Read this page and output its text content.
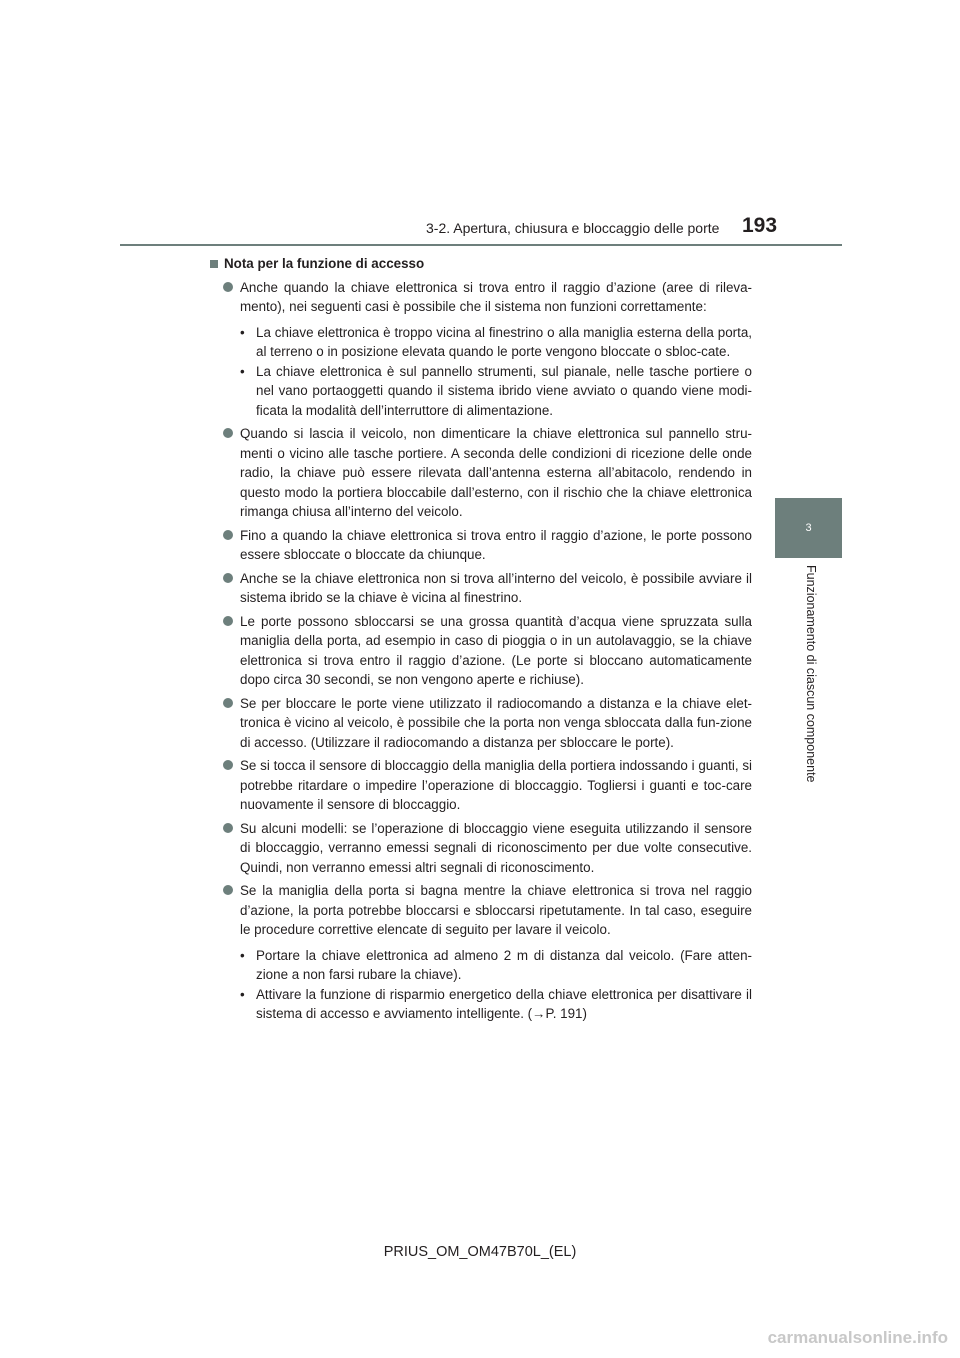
3-2. Apertura, chiusura e bloccaggio delle porte 193
3
Funzionamento di ciascun componente
Nota per la funzione di accesso
Anche quando la chiave elettronica si trova entro il raggio d’azione (aree di rileva-mento), nei seguenti casi è possibile che il sistema non funzioni correttamente:
• La chiave elettronica è troppo vicina al finestrino o alla maniglia esterna della porta, al terreno o in posizione elevata quando le porte vengono bloccate o sbloc-cate.
• La chiave elettronica è sul pannello strumenti, sul pianale, nelle tasche portiere o nel vano portaoggetti quando il sistema ibrido viene avviato o quando viene modi-ficata la modalità dell’interruttore di alimentazione.
Quando si lascia il veicolo, non dimenticare la chiave elettronica sul pannello stru-menti o vicino alle tasche portiere. A seconda delle condizioni di ricezione delle onde radio, la chiave può essere rilevata dall’antenna esterna all’abitacolo, rendendo in questo modo la portiera bloccabile dall’esterno, con il rischio che la chiave elettronica rimanga chiusa all’interno del veicolo.
Fino a quando la chiave elettronica si trova entro il raggio d’azione, le porte possono essere sbloccate o bloccate da chiunque.
Anche se la chiave elettronica non si trova all’interno del veicolo, è possibile avviare il sistema ibrido se la chiave è vicina al finestrino.
Le porte possono sbloccarsi se una grossa quantità d’acqua viene spruzzata sulla maniglia della porta, ad esempio in caso di pioggia o in un autolavaggio, se la chiave elettronica si trova entro il raggio d’azione. (Le porte si bloccano automaticamente dopo circa 30 secondi, se non vengono aperte e richiuse).
Se per bloccare le porte viene utilizzato il radiocomando a distanza e la chiave elet-tronica è vicino al veicolo, è possibile che la porta non venga sbloccata dalla fun-zione di accesso. (Utilizzare il radiocomando a distanza per sbloccare le porte).
Se si tocca il sensore di bloccaggio della maniglia della portiera indossando i guanti, si potrebbe ritardare o impedire l’operazione di bloccaggio. Togliersi i guanti e toc-care nuovamente il sensore di bloccaggio.
Su alcuni modelli: se l’operazione di bloccaggio viene eseguita utilizzando il sensore di bloccaggio, verranno emessi segnali di riconoscimento per due volte consecutive. Quindi, non verranno emessi altri segnali di riconoscimento.
Se la maniglia della porta si bagna mentre la chiave elettronica si trova nel raggio d’azione, la porta potrebbe bloccarsi e sbloccarsi ripetutamente. In tal caso, eseguire le procedure correttive elencate di seguito per lavare il veicolo.
• Portare la chiave elettronica ad almeno 2 m di distanza dal veicolo. (Fare atten-zione a non farsi rubare la chiave).
• Attivare la funzione di risparmio energetico della chiave elettronica per disattivare il sistema di accesso e avviamento intelligente. (→P. 191)
PRIUS_OM_OM47B70L_(EL)
carmanualsonline.info
